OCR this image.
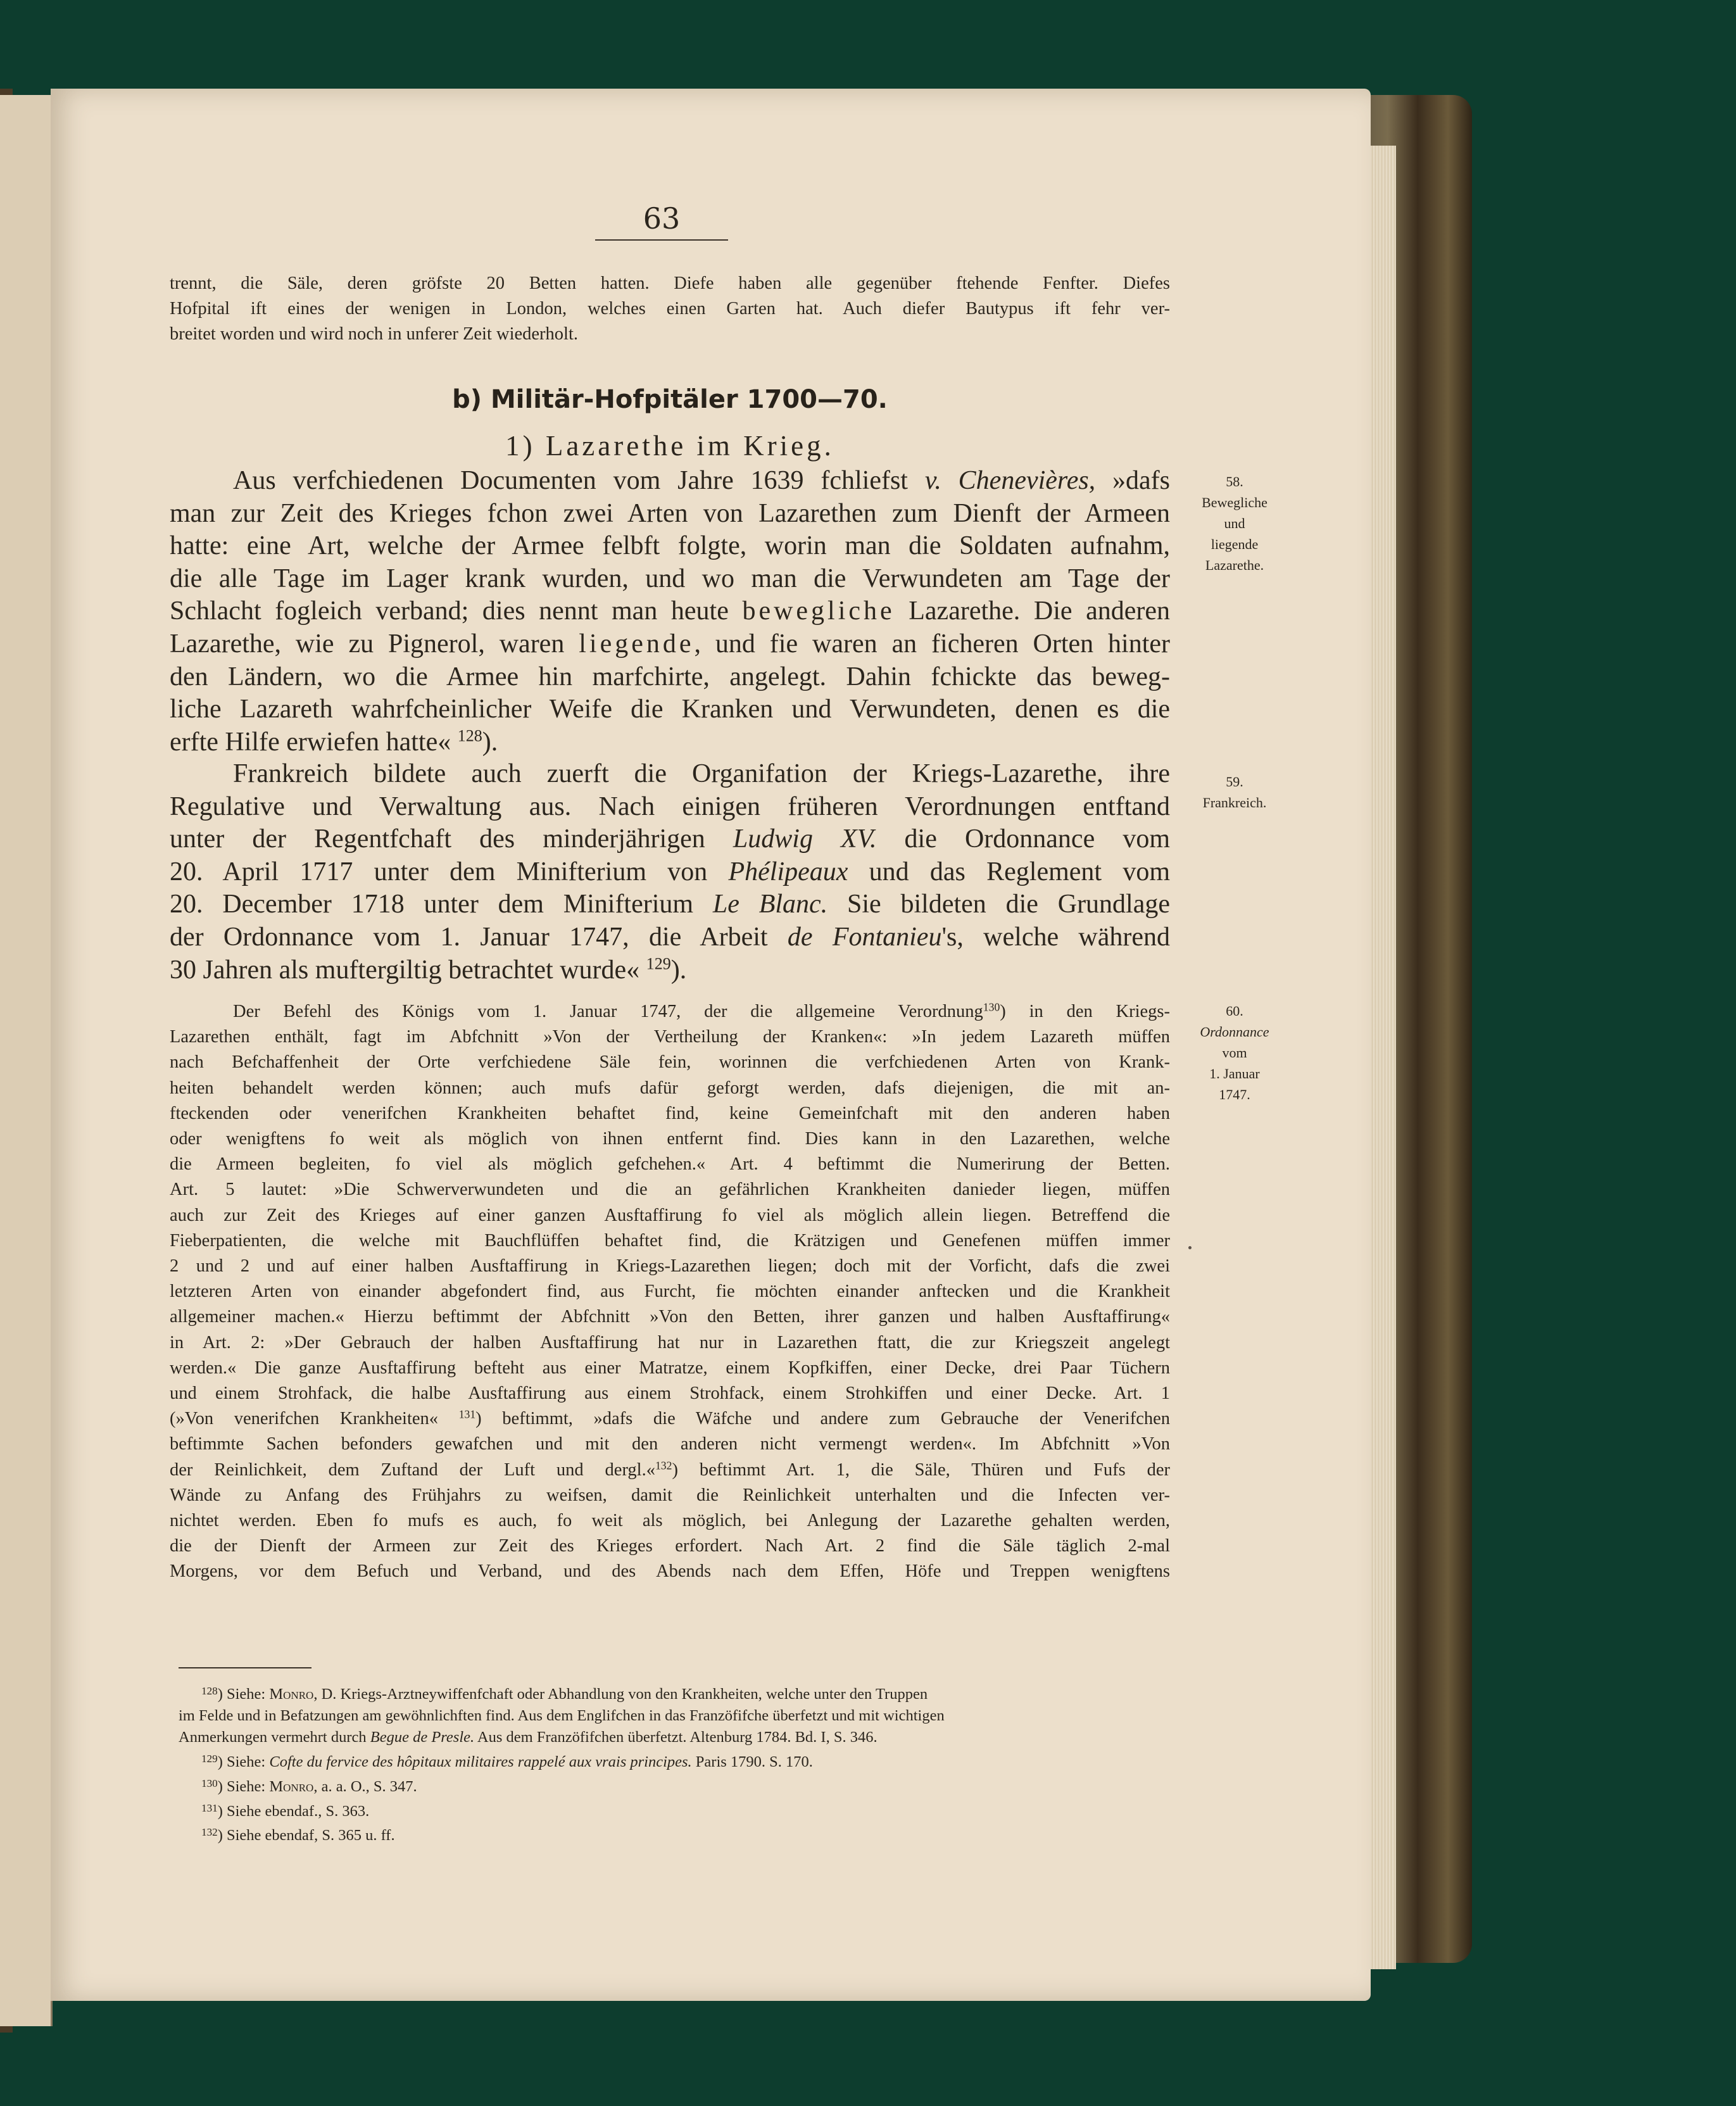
63
trennt, die Säle, deren gröfste 20 Betten hatten. Diefe haben alle gegenüber ftehende Fenfter. Diefes
Hofpital ift eines der wenigen in London, welches einen Garten hat. Auch diefer Bautypus ift fehr ver-
breitet worden und wird noch in unferer Zeit wiederholt.
b) Militär-Hofpitäler 1700—70.
1) Lazarethe im Krieg.
Aus verfchiedenen Documenten vom Jahre 1639 fchliefst v. Chenevières, »dafs
man zur Zeit des Krieges fchon zwei Arten von Lazarethen zum Dienft der Armeen
hatte: eine Art, welche der Armee felbft folgte, worin man die Soldaten aufnahm,
die alle Tage im Lager krank wurden, und wo man die Verwundeten am Tage der
Schlacht fogleich verband; dies nennt man heute bewegliche Lazarethe. Die anderen
Lazarethe, wie zu Pignerol, waren liegende, und fie waren an ficheren Orten hinter
den Ländern, wo die Armee hin marfchirte, angelegt. Dahin fchickte das beweg-
liche Lazareth wahrfcheinlicher Weife die Kranken und Verwundeten, denen es die
erfte Hilfe erwiefen hatte« $^{128}$).
Frankreich bildete auch zuerft die Organifation der Kriegs-Lazarethe, ihre
Regulative und Verwaltung aus. Nach einigen früheren Verordnungen entftand
unter der Regentfchaft des minderjährigen Ludwig XV. die Ordonnance vom
20. April 1717 unter dem Minifterium von Phélipeaux und das Reglement vom
20. December 1718 unter dem Minifterium Le Blanc. Sie bildeten die Grundlage
der Ordonnance vom 1. Januar 1747, die Arbeit de Fontanieu's, welche während
30 Jahren als muftergiltig betrachtet wurde« $^{129}$).
Der Befehl des Königs vom 1. Januar 1747, der die allgemeine Verordnung$^{130}$) in den Kriegs-
Lazarethen enthält, fagt im Abfchnitt »Von der Vertheilung der Kranken«: »In jedem Lazareth müffen
nach Befchaffenheit der Orte verfchiedene Säle fein, worinnen die verfchiedenen Arten von Krank-
heiten behandelt werden können; auch mufs dafür geforgt werden, dafs diejenigen, die mit an-
fteckenden oder venerifchen Krankheiten behaftet find, keine Gemeinfchaft mit den anderen haben
oder wenigftens fo weit als möglich von ihnen entfernt find. Dies kann in den Lazarethen, welche
die Armeen begleiten, fo viel als möglich gefchehen.« Art. 4 beftimmt die Numerirung der Betten.
Art. 5 lautet: »Die Schwerverwundeten und die an gefährlichen Krankheiten danieder liegen, müffen
auch zur Zeit des Krieges auf einer ganzen Ausftaffirung fo viel als möglich allein liegen. Betreffend die
Fieberpatienten, die welche mit Bauchflüffen behaftet find, die Krätzigen und Genefenen müffen immer
2 und 2 und auf einer halben Ausftaffirung in Kriegs-Lazarethen liegen; doch mit der Vorficht, dafs die zwei
letzteren Arten von einander abgefondert find, aus Furcht, fie möchten einander anftecken und die Krankheit
allgemeiner machen.« Hierzu beftimmt der Abfchnitt »Von den Betten, ihrer ganzen und halben Ausftaffirung«
in Art. 2: »Der Gebrauch der halben Ausftaffirung hat nur in Lazarethen ftatt, die zur Kriegszeit angelegt
werden.« Die ganze Ausftaffirung befteht aus einer Matratze, einem Kopfkiffen, einer Decke, drei Paar Tüchern
und einem Strohfack, die halbe Ausftaffirung aus einem Strohfack, einem Strohkiffen und einer Decke. Art. 1
(»Von venerifchen Krankheiten« $^{131}$) beftimmt, »dafs die Wäfche und andere zum Gebrauche der Venerifchen
beftimmte Sachen befonders gewafchen und mit den anderen nicht vermengt werden«. Im Abfchnitt »Von
der Reinlichkeit, dem Zuftand der Luft und dergl.«$^{132}$) beftimmt Art. 1, die Säle, Thüren und Fufs der
Wände zu Anfang des Frühjahrs zu weifsen, damit die Reinlichkeit unterhalten und die Infecten ver-
nichtet werden. Eben fo mufs es auch, fo weit als möglich, bei Anlegung der Lazarethe gehalten werden,
die der Dienft der Armeen zur Zeit des Krieges erfordert. Nach Art. 2 find die Säle täglich 2-mal
Morgens, vor dem Befuch und Verband, und des Abends nach dem Effen, Höfe und Treppen wenigftens
58.
Bewegliche
und
liegende
Lazarethe.
59.
Frankreich.
60.
Ordonnance
vom
1. Januar
1747.
$^{128}$) Siehe: Monro, D. Kriegs-Arztneywiffenfchaft oder Abhandlung von den Krankheiten, welche unter den Truppen
im Felde und in Befatzungen am gewöhnlichften find. Aus dem Englifchen in das Franzöfifche überfetzt und mit wichtigen
Anmerkungen vermehrt durch Begue de Presle. Aus dem Franzöfifchen überfetzt. Altenburg 1784. Bd. I, S. 346.
$^{129}$) Siehe: Cofte du fervice des hôpitaux militaires rappelé aux vrais principes. Paris 1790. S. 170.
$^{130}$) Siehe: Monro, a. a. O., S. 347.
$^{131}$) Siehe ebendaf., S. 363.
$^{132}$) Siehe ebendaf, S. 365 u. ff.
